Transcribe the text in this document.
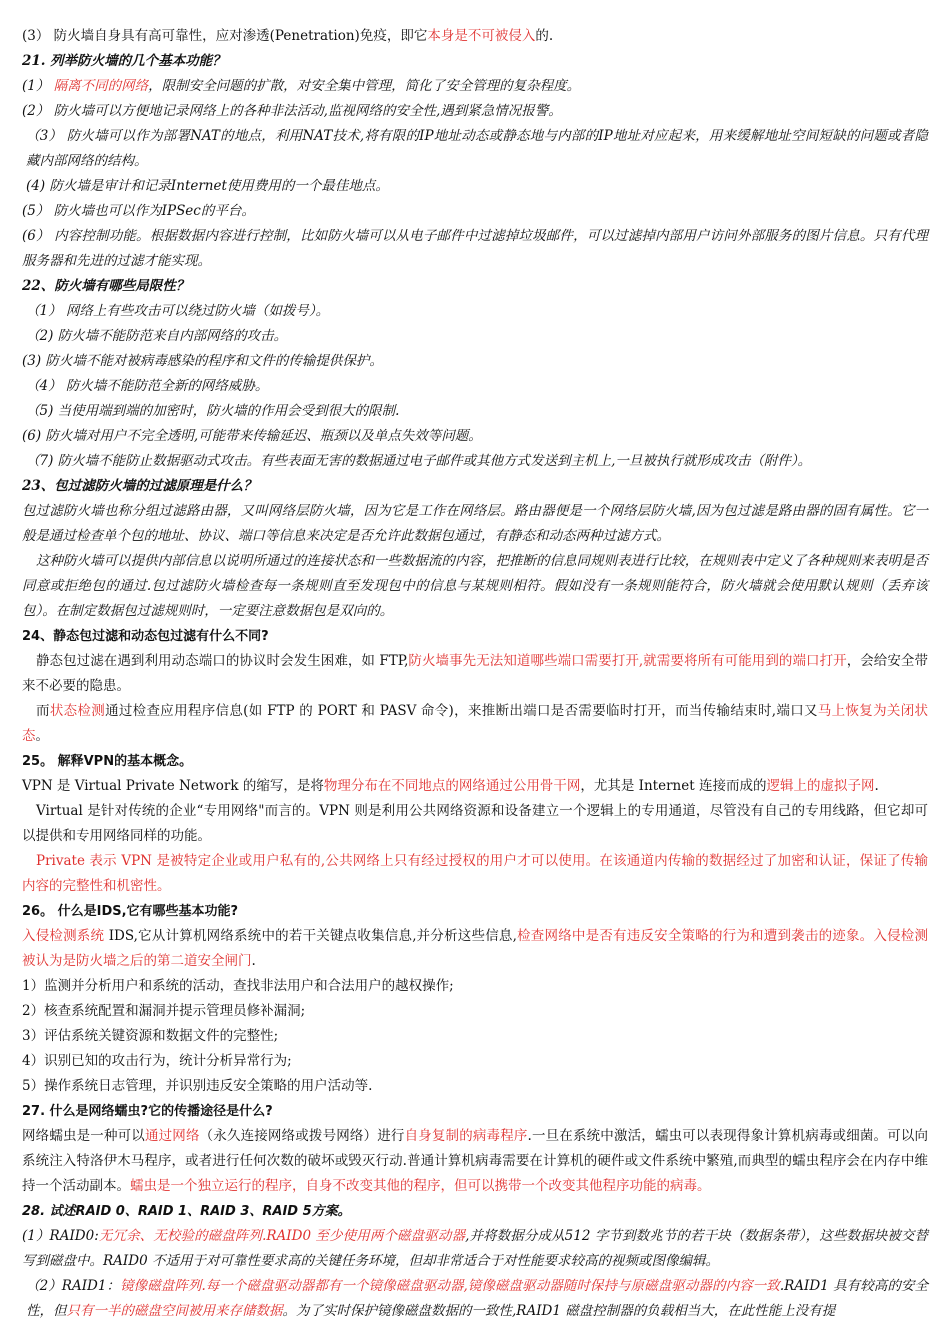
(3） 防火墙自身具有高可靠性，应对渗透(Penetration)免疫，即它本身是不可被侵入的.

21. 列举防火墙的几个基本功能？

(1） 隔离不同的网络，限制安全问题的扩散，对安全集中管理，简化了安全管理的复杂程度。

(2） 防火墙可以方便地记录网络上的各种非法活动,监视网络的安全性,遇到紧急情况报警。

（3） 防火墙可以作为部署NAT的地点，利用NAT技术,将有限的IP地址动态或静态地与内部的IP地址对应起来，用来缓解地址空间短缺的问题或者隐藏内部网络的结构。

(4) 防火墙是审计和记录Internet使用费用的一个最佳地点。

(5） 防火墙也可以作为IPSec的平台。

(6） 内容控制功能。根据数据内容进行控制，比如防火墙可以从电子邮件中过滤掉垃圾邮件，可以过滤掉内部用户访问外部服务的图片信息。只有代理服务器和先进的过滤才能实现。

22、防火墙有哪些局限性？

（1） 网络上有些攻击可以绕过防火墙（如拨号）。

（2) 防火墙不能防范来自内部网络的攻击。

(3) 防火墙不能对被病毒感染的程序和文件的传输提供保护。

（4） 防火墙不能防范全新的网络威胁。

（5) 当使用端到端的加密时，防火墙的作用会受到很大的限制.

(6) 防火墙对用户不完全透明,可能带来传输延迟、瓶颈以及单点失效等问题。

（7) 防火墙不能防止数据驱动式攻击。有些表面无害的数据通过电子邮件或其他方式发送到主机上,一旦被执行就形成攻击（附件）。

23、包过滤防火墙的过滤原理是什么？

包过滤防火墙也称分组过滤路由器，又叫网络层防火墙，因为它是工作在网络层。路由器便是一个网络层防火墙,因为包过滤是路由器的固有属性。它一般是通过检查单个包的地址、协议、端口等信息来决定是否允许此数据包通过，有静态和动态两种过滤方式。

这种防火墙可以提供内部信息以说明所通过的连接状态和一些数据流的内容，把推断的信息同规则表进行比较，在规则表中定义了各种规则来表明是否同意或拒绝包的通过.包过滤防火墙检查每一条规则直至发现包中的信息与某规则相符。假如没有一条规则能符合，防火墙就会使用默认规则（丢弃该包）。在制定数据包过滤规则时，一定要注意数据包是双向的。

24、静态包过滤和动态包过滤有什么不同?

静态包过滤在遇到利用动态端口的协议时会发生困难，如 FTP,防火墙事先无法知道哪些端口需要打开,就需要将所有可能用到的端口打开，会给安全带来不必要的隐患。

而状态检测通过检查应用程序信息(如 FTP 的 PORT 和 PASV 命令)，来推断出端口是否需要临时打开，而当传输结束时,端口又马上恢复为关闭状态。

25。 解释VPN的基本概念。

VPN 是 Virtual Private Network 的缩写，是将物理分布在不同地点的网络通过公用骨干网，尤其是 Internet 连接而成的逻辑上的虚拟子网.

Virtual 是针对传统的企业“专用网络"而言的。VPN 则是利用公共网络资源和设备建立一个逻辑上的专用通道，尽管没有自己的专用线路，但它却可以提供和专用网络同样的功能。

Private 表示 VPN 是被特定企业或用户私有的,公共网络上只有经过授权的用户才可以使用。在该通道内传输的数据经过了加密和认证，保证了传输内容的完整性和机密性。

26。 什么是IDS,它有哪些基本功能?

入侵检测系统 IDS,它从计算机网络系统中的若干关键点收集信息,并分析这些信息,检查网络中是否有违反安全策略的行为和遭到袭击的迹象。入侵检测被认为是防火墙之后的第二道安全闸门.

1）监测并分析用户和系统的活动，查找非法用户和合法用户的越权操作;

2）核查系统配置和漏洞并提示管理员修补漏洞;

3）评估系统关键资源和数据文件的完整性;

4）识别已知的攻击行为，统计分析异常行为;

5）操作系统日志管理，并识别违反安全策略的用户活动等.

27. 什么是网络蠕虫?它的传播途径是什么?

网络蠕虫是一种可以通过网络（永久连接网络或拨号网络）进行自身复制的病毒程序.一旦在系统中激活，蠕虫可以表现得象计算机病毒或细菌。可以向系统注入特洛伊木马程序，或者进行任何次数的破坏或毁灭行动.普通计算机病毒需要在计算机的硬件或文件系统中繁殖,而典型的蠕虫程序会在内存中维持一个活动副本。蠕虫是一个独立运行的程序，自身不改变其他的程序，但可以携带一个改变其他程序功能的病毒。

28. 试述RAID 0、RAID 1、RAID 3、RAID 5方案。

(1）RAID0:无冗余、无校验的磁盘阵列.RAID0 至少使用两个磁盘驱动器,并将数据分成从512 字节到数兆节的若干块（数据条带），这些数据块被交替写到磁盘中。RAID0 不适用于对可靠性要求高的关键任务环境，但却非常适合于对性能要求较高的视频或图像编辑。

（2）RAID1：镜像磁盘阵列.每一个磁盘驱动器都有一个镜像磁盘驱动器,镜像磁盘驱动器随时保持与原磁盘驱动器的内容一致.RAID1 具有较高的安全性，但只有一半的磁盘空间被用来存储数据。为了实时保护镜像磁盘数据的一致性,RAID1 磁盘控制器的负载相当大，在此性能上没有提
